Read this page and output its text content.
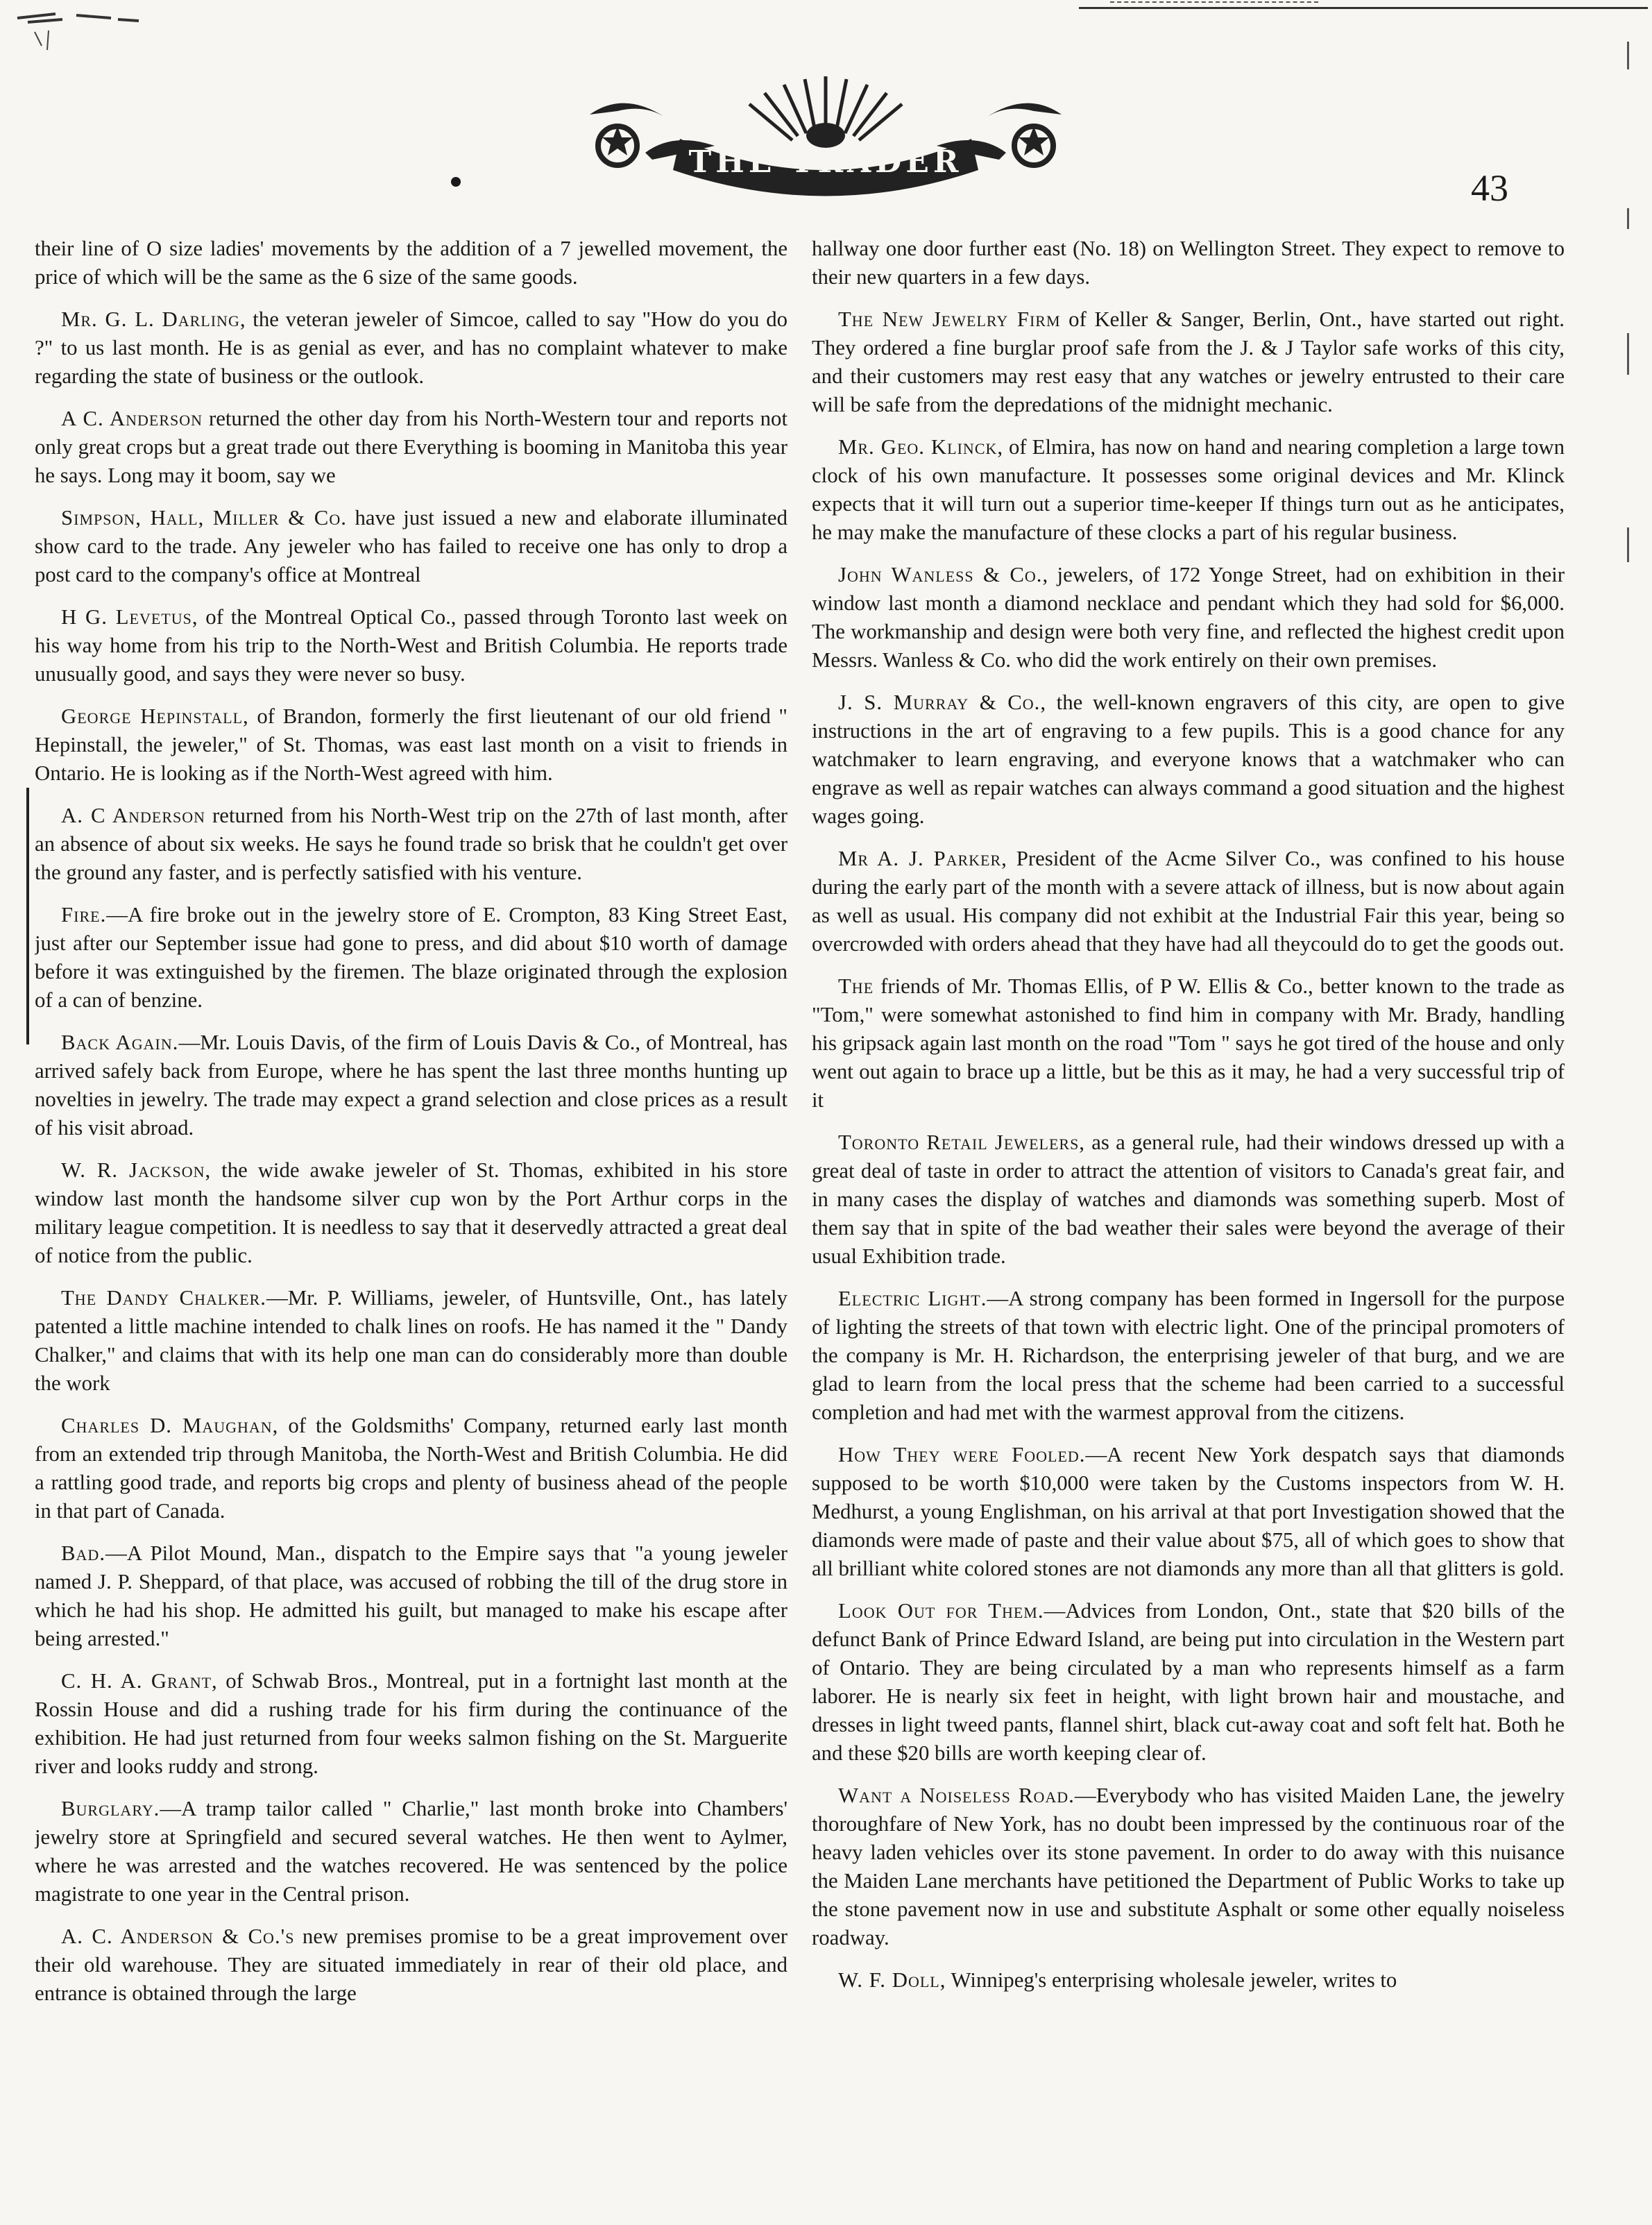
THE TRADER
43

their line of O size ladies' movements by the addition of a 7 jewelled movement, the price of which will be the same as the 6 size of the same goods.

Mr. G. L. Darling, the veteran jeweler of Simcoe, called to say "How do you do ?" to us last month. He is as genial as ever, and has no complaint whatever to make regarding the state of business or the outlook.

A C. Anderson returned the other day from his North-Western tour and reports not only great crops but a great trade out there Everything is booming in Manitoba this year he says. Long may it boom, say we

Simpson, Hall, Miller & Co. have just issued a new and elaborate illuminated show card to the trade. Any jeweler who has failed to receive one has only to drop a post card to the company's office at Montreal

H G. Levetus, of the Montreal Optical Co., passed through Toronto last week on his way home from his trip to the North-West and British Columbia. He reports trade unusually good, and says they were never so busy.

George Hepinstall, of Brandon, formerly the first lieutenant of our old friend " Hepinstall, the jeweler," of St. Thomas, was east last month on a visit to friends in Ontario. He is looking as if the North-West agreed with him.

A. C Anderson returned from his North-West trip on the 27th of last month, after an absence of about six weeks. He says he found trade so brisk that he couldn't get over the ground any faster, and is perfectly satisfied with his venture.

Fire.—A fire broke out in the jewelry store of E. Crompton, 83 King Street East, just after our September issue had gone to press, and did about $10 worth of damage before it was extinguished by the firemen. The blaze originated through the explosion of a can of benzine.

Back Again.—Mr. Louis Davis, of the firm of Louis Davis & Co., of Montreal, has arrived safely back from Europe, where he has spent the last three months hunting up novelties in jewelry. The trade may expect a grand selection and close prices as a result of his visit abroad.

W. R. Jackson, the wide awake jeweler of St. Thomas, exhibited in his store window last month the handsome silver cup won by the Port Arthur corps in the military league competition. It is needless to say that it deservedly attracted a great deal of notice from the public.

The Dandy Chalker.—Mr. P. Williams, jeweler, of Huntsville, Ont., has lately patented a little machine intended to chalk lines on roofs. He has named it the " Dandy Chalker," and claims that with its help one man can do considerably more than double the work

Charles D. Maughan, of the Goldsmiths' Company, returned early last month from an extended trip through Manitoba, the North-West and British Columbia. He did a rattling good trade, and reports big crops and plenty of business ahead of the people in that part of Canada.

Bad.—A Pilot Mound, Man., dispatch to the Empire says that "a young jeweler named J. P. Sheppard, of that place, was accused of robbing the till of the drug store in which he had his shop. He admitted his guilt, but managed to make his escape after being arrested."

C. H. A. Grant, of Schwab Bros., Montreal, put in a fortnight last month at the Rossin House and did a rushing trade for his firm during the continuance of the exhibition. He had just returned from four weeks salmon fishing on the St. Marguerite river and looks ruddy and strong.

Burglary.—A tramp tailor called " Charlie," last month broke into Chambers' jewelry store at Springfield and secured several watches. He then went to Aylmer, where he was arrested and the watches recovered. He was sentenced by the police magistrate to one year in the Central prison.

A. C. Anderson & Co.'s new premises promise to be a great improvement over their old warehouse. They are situated immediately in rear of their old place, and entrance is obtained through the large

hallway one door further east (No. 18) on Wellington Street. They expect to remove to their new quarters in a few days.

The New Jewelry Firm of Keller & Sanger, Berlin, Ont., have started out right. They ordered a fine burglar proof safe from the J. & J Taylor safe works of this city, and their customers may rest easy that any watches or jewelry entrusted to their care will be safe from the depredations of the midnight mechanic.

Mr. Geo. Klinck, of Elmira, has now on hand and nearing completion a large town clock of his own manufacture. It possesses some original devices and Mr. Klinck expects that it will turn out a superior time-keeper If things turn out as he anticipates, he may make the manufacture of these clocks a part of his regular business.

John Wanless & Co., jewelers, of 172 Yonge Street, had on exhibition in their window last month a diamond necklace and pendant which they had sold for $6,000. The workmanship and design were both very fine, and reflected the highest credit upon Messrs. Wanless & Co. who did the work entirely on their own premises.

J. S. Murray & Co., the well-known engravers of this city, are open to give instructions in the art of engraving to a few pupils. This is a good chance for any watchmaker to learn engraving, and everyone knows that a watchmaker who can engrave as well as repair watches can always command a good situation and the highest wages going.

Mr A. J. Parker, President of the Acme Silver Co., was confined to his house during the early part of the month with a severe attack of illness, but is now about again as well as usual. His company did not exhibit at the Industrial Fair this year, being so overcrowded with orders ahead that they have had all theycould do to get the goods out.

The friends of Mr. Thomas Ellis, of P W. Ellis & Co., better known to the trade as "Tom," were somewhat astonished to find him in company with Mr. Brady, handling his gripsack again last month on the road "Tom " says he got tired of the house and only went out again to brace up a little, but be this as it may, he had a very successful trip of it

Toronto Retail Jewelers, as a general rule, had their windows dressed up with a great deal of taste in order to attract the attention of visitors to Canada's great fair, and in many cases the display of watches and diamonds was something superb. Most of them say that in spite of the bad weather their sales were beyond the average of their usual Exhibition trade.

Electric Light.—A strong company has been formed in Ingersoll for the purpose of lighting the streets of that town with electric light. One of the principal promoters of the company is Mr. H. Richardson, the enterprising jeweler of that burg, and we are glad to learn from the local press that the scheme had been carried to a successful completion and had met with the warmest approval from the citizens.

How They were Fooled.—A recent New York despatch says that diamonds supposed to be worth $10,000 were taken by the Customs inspectors from W. H. Medhurst, a young Englishman, on his arrival at that port Investigation showed that the diamonds were made of paste and their value about $75, all of which goes to show that all brilliant white colored stones are not diamonds any more than all that glitters is gold.

Look Out for Them.—Advices from London, Ont., state that $20 bills of the defunct Bank of Prince Edward Island, are being put into circulation in the Western part of Ontario. They are being circulated by a man who represents himself as a farm laborer. He is nearly six feet in height, with light brown hair and moustache, and dresses in light tweed pants, flannel shirt, black cut-away coat and soft felt hat. Both he and these $20 bills are worth keeping clear of.

Want a Noiseless Road.—Everybody who has visited Maiden Lane, the jewelry thoroughfare of New York, has no doubt been impressed by the continuous roar of the heavy laden vehicles over its stone pavement. In order to do away with this nuisance the Maiden Lane merchants have petitioned the Department of Public Works to take up the stone pavement now in use and substitute Asphalt or some other equally noiseless roadway.

W. F. Doll, Winnipeg's enterprising wholesale jeweler, writes to
